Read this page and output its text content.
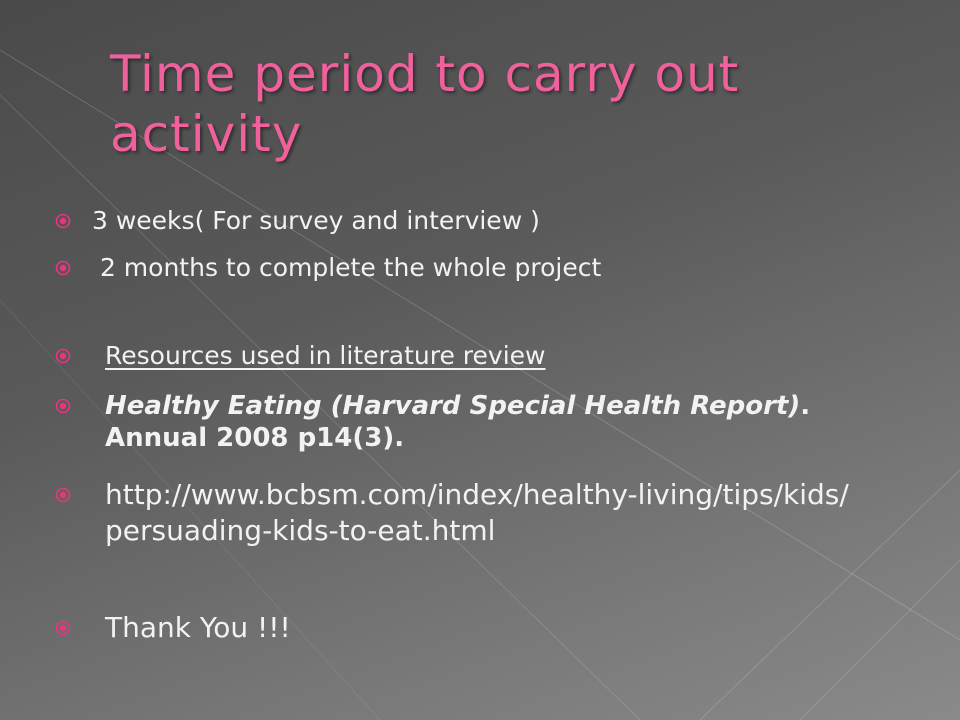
Time period to carry out activity
3 weeks( For survey and interview )
2 months to complete the whole project
Resources used in literature review
Healthy Eating (Harvard Special Health Report).  Annual 2008 p14(3).
http://www.bcbsm.com/index/healthy-living/tips/kids/persuading-kids-to-eat.html
Thank You !!!
